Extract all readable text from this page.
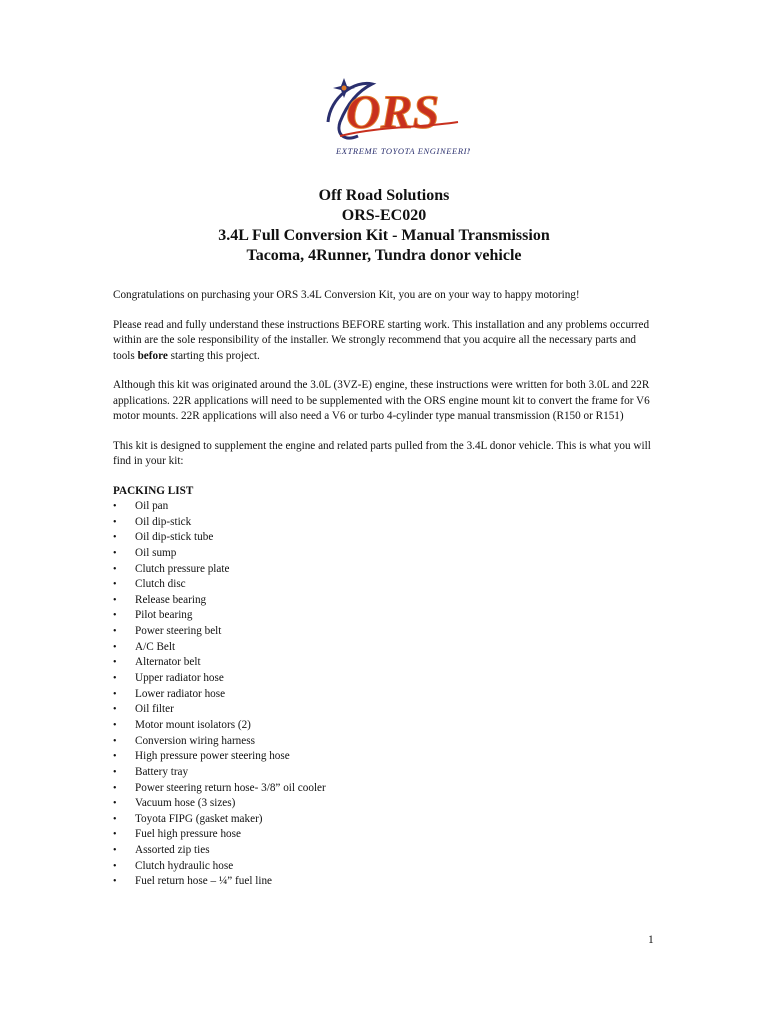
ORS
EXTREME TOYOTA ENGINEERING
Off Road Solutions
ORS-EC020
3.4L Full Conversion Kit - Manual Transmission
Tacoma, 4Runner, Tundra donor vehicle

Congratulations on purchasing your ORS 3.4L Conversion Kit, you are on your way to happy motoring!

Please read and fully understand these instructions BEFORE starting work. This installation and any problems occurred within are the sole responsibility of the installer. We strongly recommend that you acquire all the necessary parts and tools before starting this project.

Although this kit was originated around the 3.0L (3VZ-E) engine, these instructions were written for both 3.0L and 22R applications. 22R applications will need to be supplemented with the ORS engine mount kit to convert the frame for V6 motor mounts. 22R applications will also need a V6 or turbo 4-cylinder type manual transmission (R150 or R151)

This kit is designed to supplement the engine and related parts pulled from the 3.4L donor vehicle. This is what you will find in your kit:

PACKING LIST
• Oil pan
• Oil dip-stick
• Oil dip-stick tube
• Oil sump
• Clutch pressure plate
• Clutch disc
• Release bearing
• Pilot bearing
• Power steering belt
• A/C Belt
• Alternator belt
• Upper radiator hose
• Lower radiator hose
• Oil filter
• Motor mount isolators (2)
• Conversion wiring harness
• High pressure power steering hose
• Battery tray
• Power steering return hose- 3/8” oil cooler
• Vacuum hose (3 sizes)
• Toyota FIPG (gasket maker)
• Fuel high pressure hose
• Assorted zip ties
• Clutch hydraulic hose
• Fuel return hose – ¼” fuel line
1
